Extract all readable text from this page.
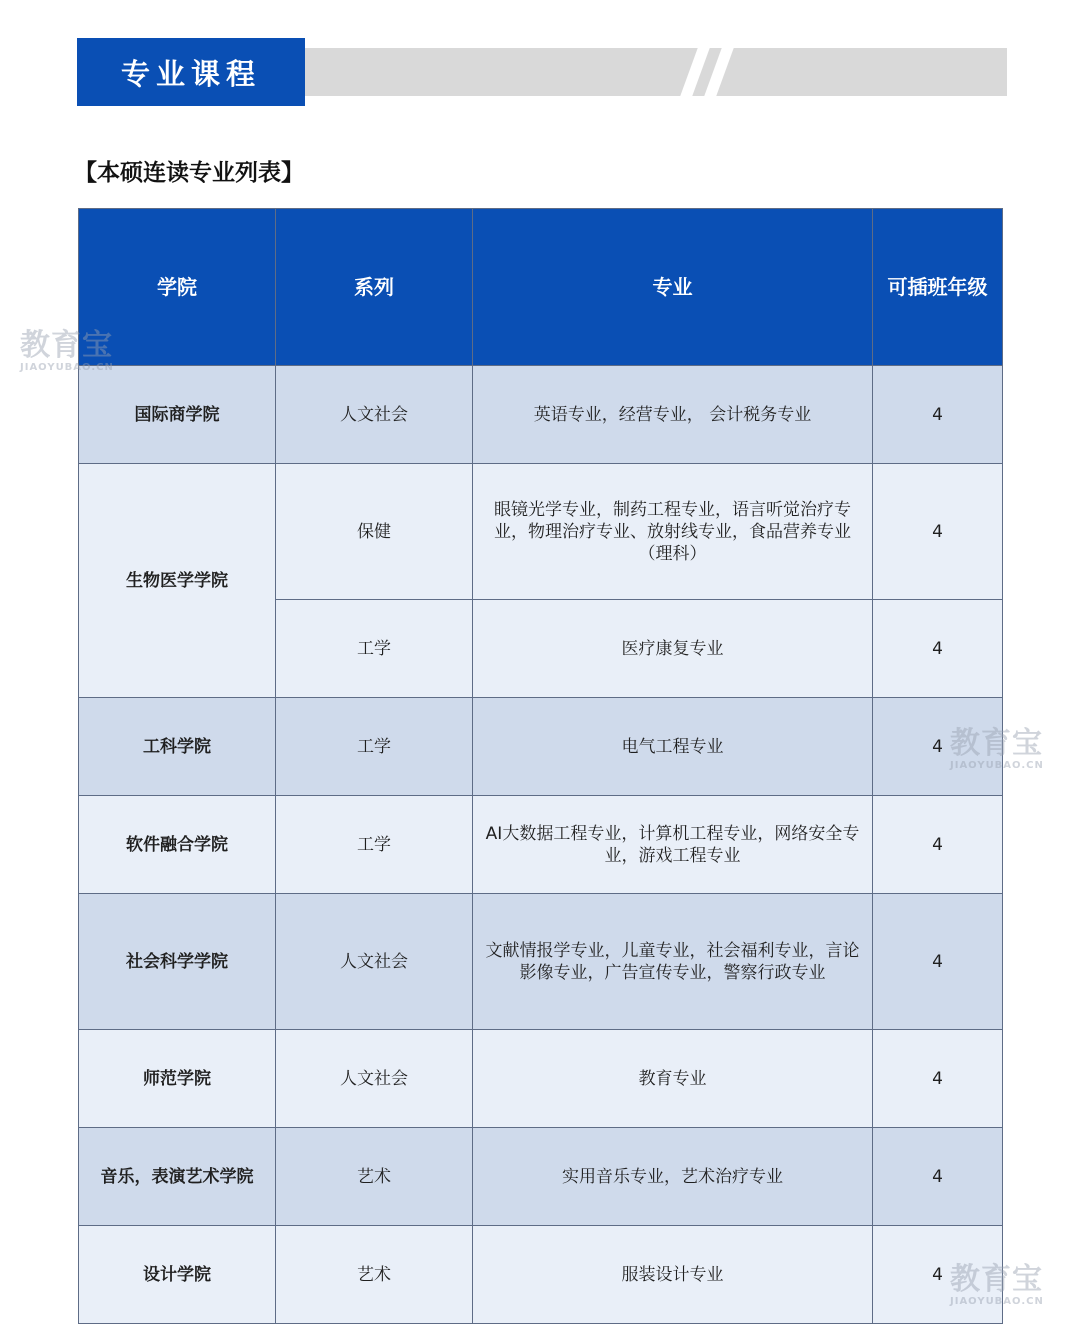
专业课程
【本硕连读专业列表】
学院	系列	专业	可插班年级
国际商学院	人文社会	英语专业，经营专业， 会计税务专业	4
生物医学学院	保健	眼镜光学专业，制药工程专业，语言听觉治疗专业，物理治疗专业、放射线专业，食品营养专业（理科）	4
	工学	医疗康复专业	4
工科学院	工学	电气工程专业	4
软件融合学院	工学	AI大数据工程专业，计算机工程专业，网络安全专业，游戏工程专业	4
社会科学学院	人文社会	文献情报学专业，儿童专业，社会福利专业，言论影像专业，广告宣传专业，警察行政专业	4
师范学院	人文社会	教育专业	4
音乐，表演艺术学院	艺术	实用音乐专业，艺术治疗专业	4
设计学院	艺术	服装设计专业	4
教育宝
JIAOYUBAO.CN
教育宝
JIAOYUBAO.CN
教育宝
JIAOYUBAO.CN
